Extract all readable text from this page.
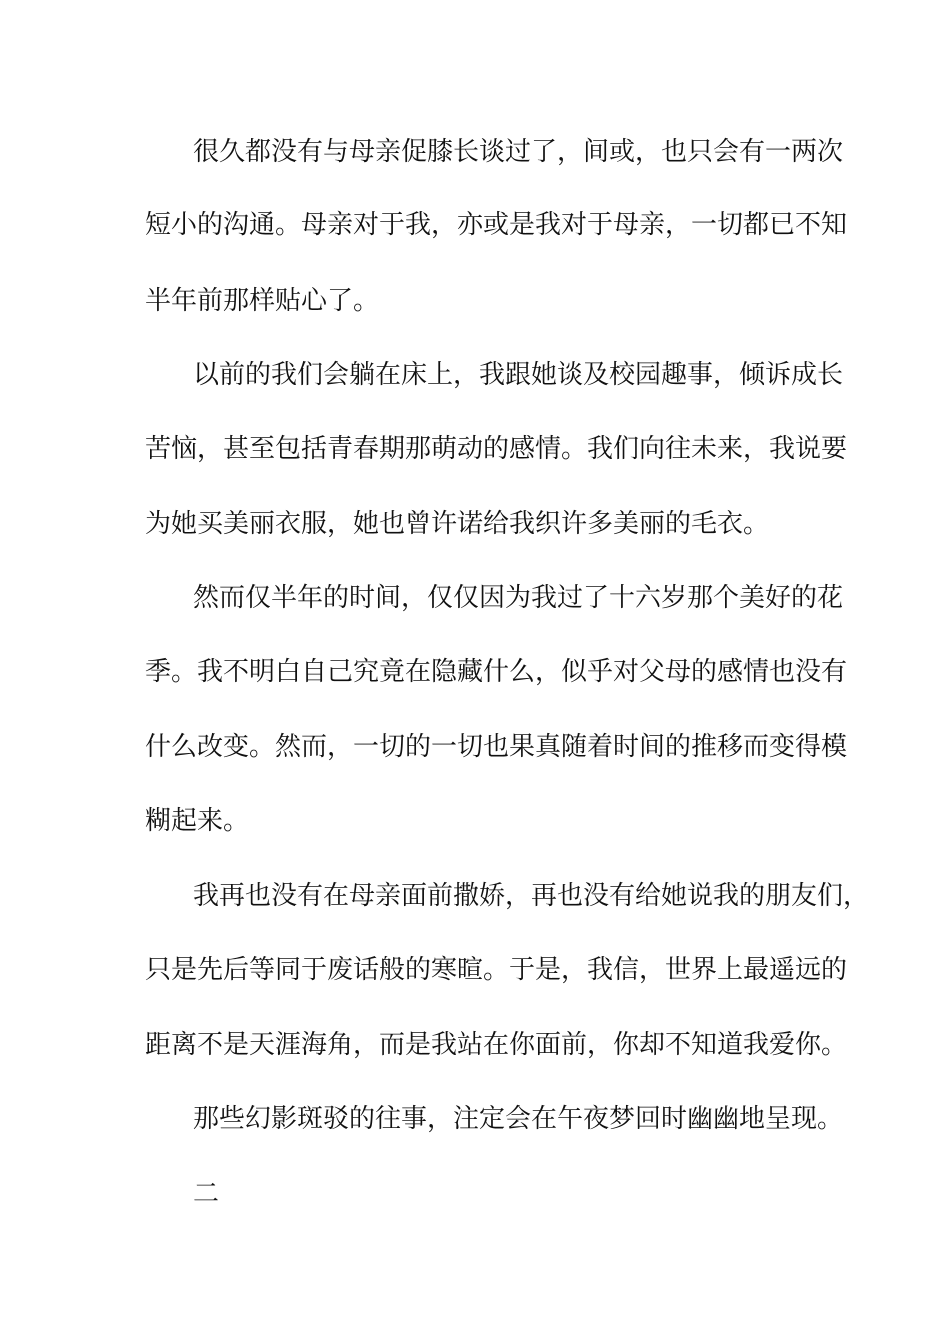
很久都没有与母亲促膝长谈过了，间或，也只会有一两次
短小的沟通。母亲对于我，亦或是我对于母亲，一切都已不知
半年前那样贴心了。
以前的我们会躺在床上，我跟她谈及校园趣事，倾诉成长
苦恼，甚至包括青春期那萌动的感情。我们向往未来，我说要
为她买美丽衣服，她也曾许诺给我织许多美丽的毛衣。
然而仅半年的时间，仅仅因为我过了十六岁那个美好的花
季。我不明白自己究竟在隐藏什么，似乎对父母的感情也没有
什么改变。然而，一切的一切也果真随着时间的推移而变得模
糊起来。
我再也没有在母亲面前撒娇，再也没有给她说我的朋友们，
只是先后等同于废话般的寒暄。于是，我信，世界上最遥远的
距离不是天涯海角，而是我站在你面前，你却不知道我爱你。
那些幻影斑驳的往事，注定会在午夜梦回时幽幽地呈现。
二
